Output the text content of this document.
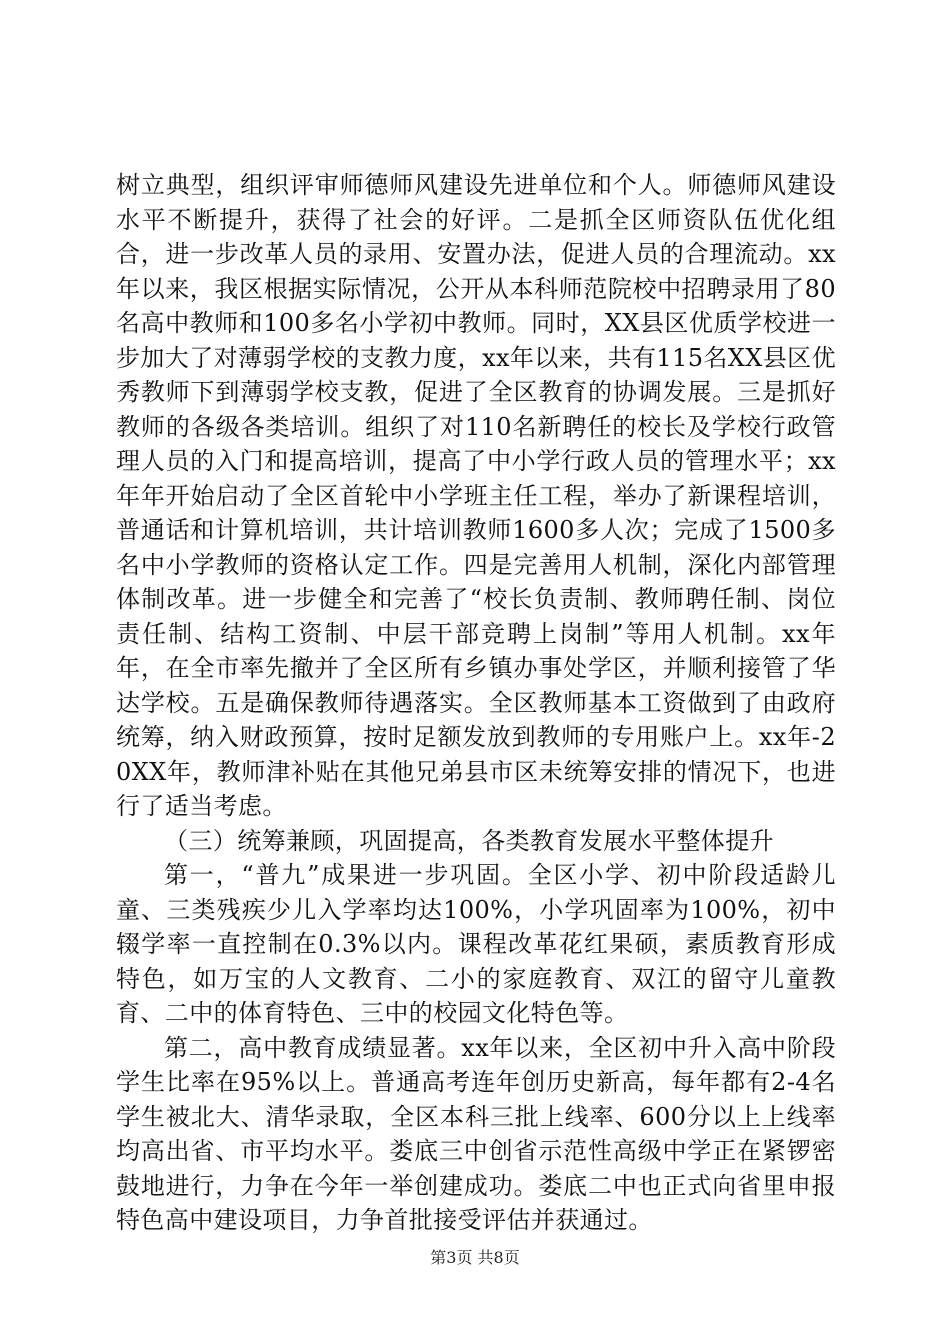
树立典型，组织评审师德师风建设先进单位和个人。师德师风建设水平不断提升，获得了社会的好评。二是抓全区师资队伍优化组合，进一步改革人员的录用、安置办法，促进人员的合理流动。xx年以来，我区根据实际情况，公开从本科师范院校中招聘录用了80名高中教师和100多名小学初中教师。同时，XX县区优质学校进一步加大了对薄弱学校的支教力度，xx年以来，共有115名XX县区优秀教师下到薄弱学校支教，促进了全区教育的协调发展。三是抓好教师的各级各类培训。组织了对110名新聘任的校长及学校行政管理人员的入门和提高培训，提高了中小学行政人员的管理水平；xx年年开始启动了全区首轮中小学班主任工程，举办了新课程培训，普通话和计算机培训，共计培训教师1600多人次；完成了1500多名中小学教师的资格认定工作。四是完善用人机制，深化内部管理体制改革。进一步健全和完善了“校长负责制、教师聘任制、岗位责任制、结构工资制、中层干部竞聘上岗制”等用人机制。xx年年，在全市率先撤并了全区所有乡镇办事处学区，并顺利接管了华达学校。五是确保教师待遇落实。全区教师基本工资做到了由政府统筹，纳入财政预算，按时足额发放到教师的专用账户上。xx年-20XX年，教师津补贴在其他兄弟县市区未统筹安排的情况下，也进行了适当考虑。

（三）统筹兼顾，巩固提高，各类教育发展水平整体提升

第一，“普九”成果进一步巩固。全区小学、初中阶段适龄儿童、三类残疾少儿入学率均达100%，小学巩固率为100%，初中辍学率一直控制在0.3%以内。课程改革花红果硕，素质教育形成特色，如万宝的人文教育、二小的家庭教育、双江的留守儿童教育、二中的体育特色、三中的校园文化特色等。

第二，高中教育成绩显著。xx年以来，全区初中升入高中阶段学生比率在95%以上。普通高考连年创历史新高，每年都有2-4名学生被北大、清华录取，全区本科三批上线率、600分以上上线率均高出省、市平均水平。娄底三中创省示范性高级中学正在紧锣密鼓地进行，力争在今年一举创建成功。娄底二中也正式向省里申报特色高中建设项目，力争首批接受评估并获通过。

第3页 共8页
